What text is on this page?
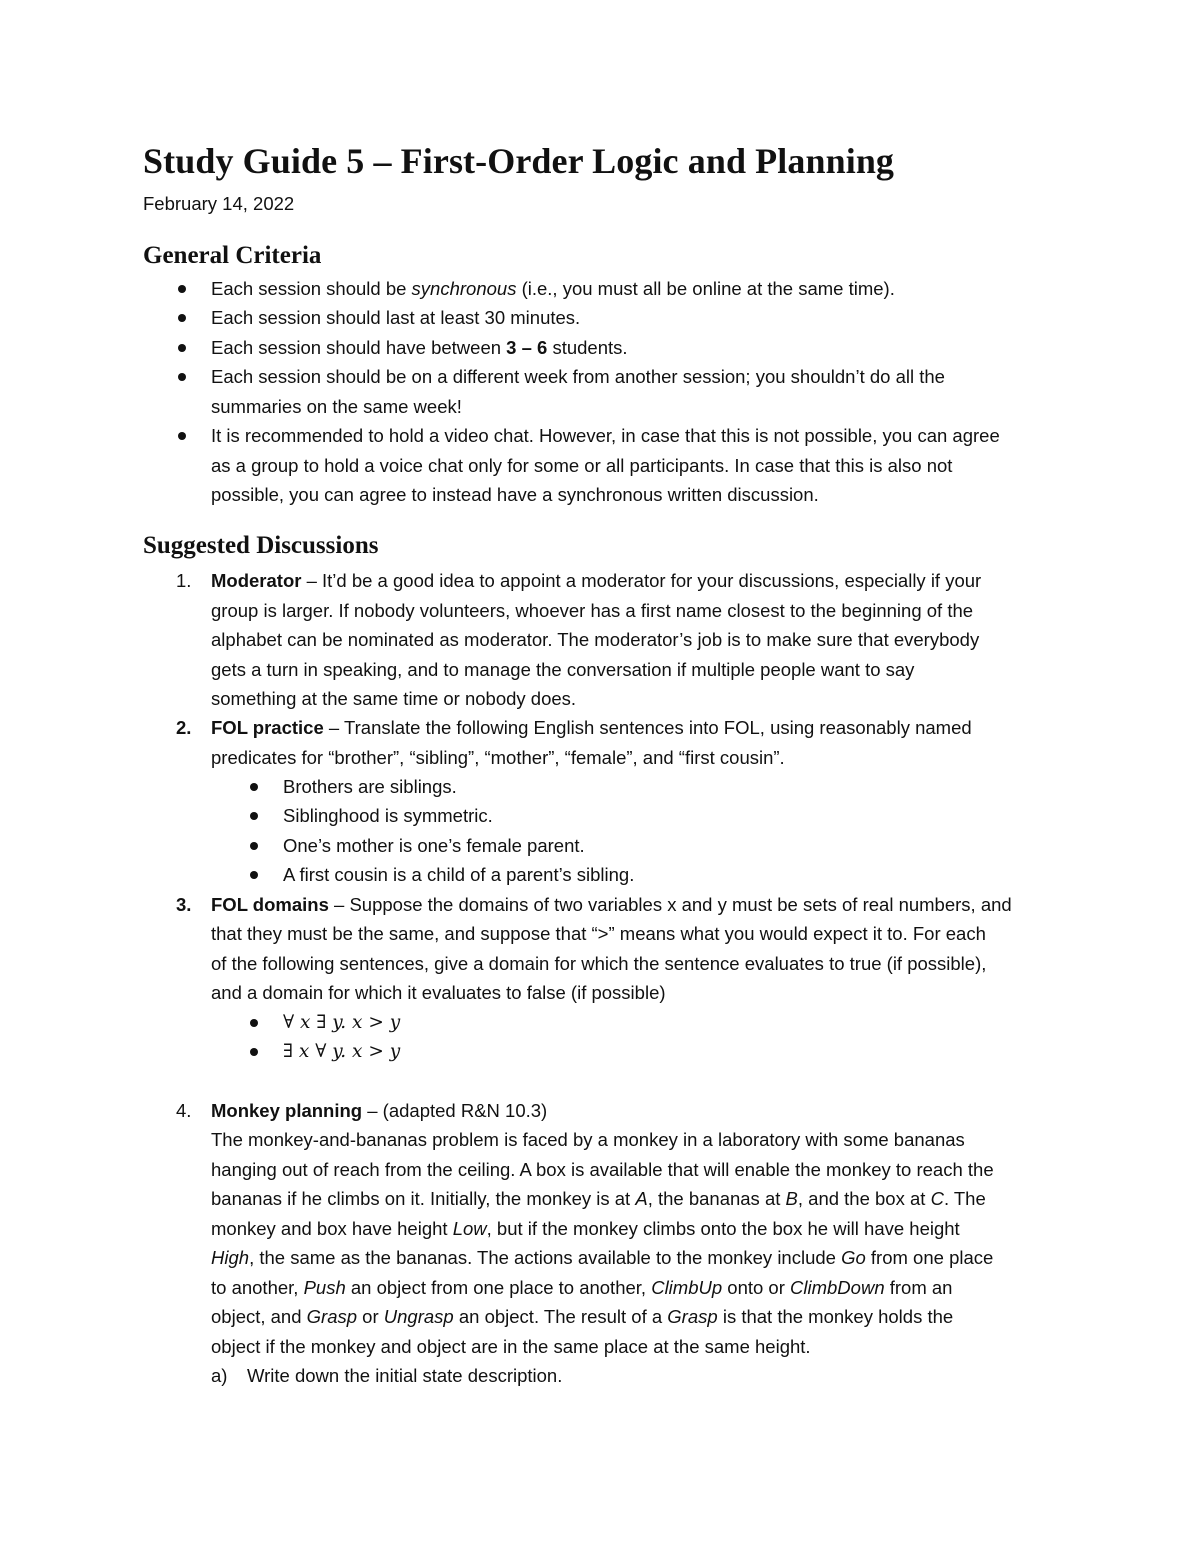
Study Guide 5 – First-Order Logic and Planning

February 14, 2022

General Criteria

Each session should be synchronous (i.e., you must all be online at the same time).

Each session should last at least 30 minutes.

Each session should have between 3 – 6 students.

Each session should be on a different week from another session; you shouldn’t do all the

summaries on the same week!

It is recommended to hold a video chat. However, in case that this is not possible, you can agree

as a group to hold a voice chat only for some or all participants. In case that this is also not

possible, you can agree to instead have a synchronous written discussion.

Suggested Discussions

1. Moderator – It’d be a good idea to appoint a moderator for your discussions, especially if your

group is larger. If nobody volunteers, whoever has a first name closest to the beginning of the

alphabet can be nominated as moderator. The moderator’s job is to make sure that everybody

gets a turn in speaking, and to manage the conversation if multiple people want to say

something at the same time or nobody does.

2. FOL practice – Translate the following English sentences into FOL, using reasonably named

predicates for “brother”, “sibling”, “mother”, “female”, and “first cousin”.

Brothers are siblings.

Siblinghood is symmetric.

One’s mother is one’s female parent.

A first cousin is a child of a parent’s sibling.

3. FOL domains – Suppose the domains of two variables x and y must be sets of real numbers, and

that they must be the same, and suppose that “>” means what you would expect it to. For each

of the following sentences, give a domain for which the sentence evaluates to true (if possible),

and a domain for which it evaluates to false (if possible)

∀ x ∃ y. x > y

∃ x ∀ y. x > y

4. Monkey planning – (adapted R&N 10.3)

The monkey-and-bananas problem is faced by a monkey in a laboratory with some bananas

hanging out of reach from the ceiling. A box is available that will enable the monkey to reach the

bananas if he climbs on it. Initially, the monkey is at A, the bananas at B, and the box at C. The

monkey and box have height Low, but if the monkey climbs onto the box he will have height

High, the same as the bananas. The actions available to the monkey include Go from one place

to another, Push an object from one place to another, ClimbUp onto or ClimbDown from an

object, and Grasp or Ungrasp an object. The result of a Grasp is that the monkey holds the

object if the monkey and object are in the same place at the same height.

a) Write down the initial state description.
